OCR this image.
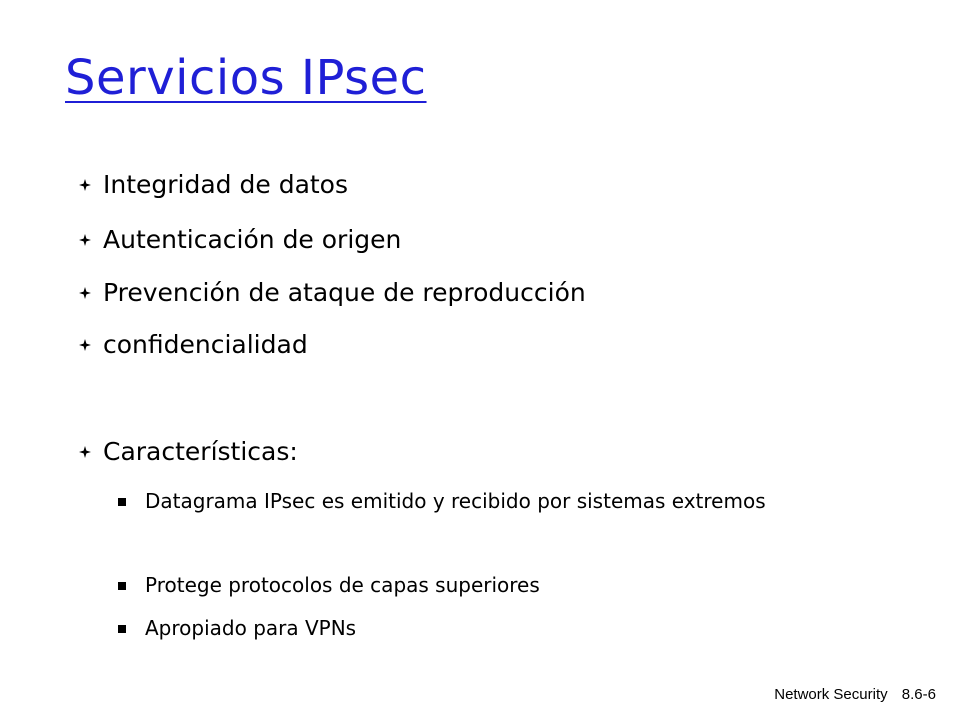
Servicios IPsec
Integridad de datos
Autenticación de origen
Prevención de ataque de reproducción
confidencialidad
Características:
Datagrama IPsec es emitido y recibido por sistemas extremos
Protege protocolos de capas superiores
Apropiado para VPNs
Network Security 8.6-6
